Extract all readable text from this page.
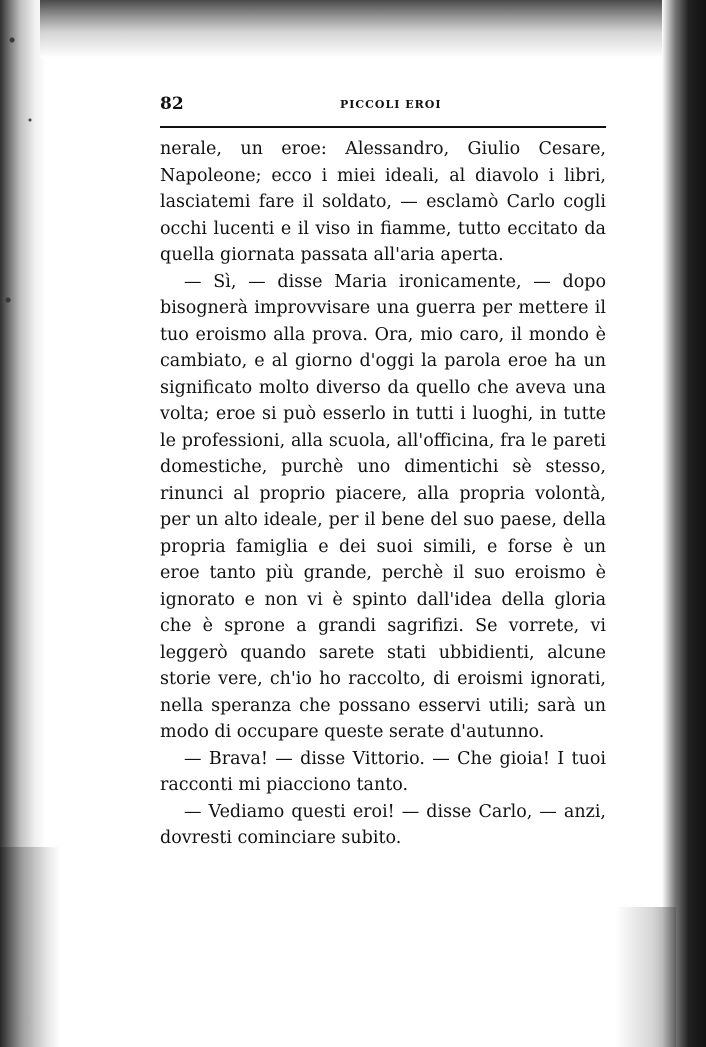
82	PICCOLI EROI

nerale, un eroe: Alessandro, Giulio Cesare, Napoleone; ecco i miei ideali, al diavolo i libri, lasciatemi fare il soldato, — esclamò Carlo cogli occhi lucenti e il viso in fiamme, tutto eccitato da quella giornata passata all'aria aperta.

— Sì, — disse Maria ironicamente, — dopo bisognerà improvvisare una guerra per mettere il tuo eroismo alla prova. Ora, mio caro, il mondo è cambiato, e al giorno d'oggi la parola eroe ha un significato molto diverso da quello che aveva una volta; eroe si può esserlo in tutti i luoghi, in tutte le professioni, alla scuola, all'officina, fra le pareti domestiche, purchè uno dimentichi sè stesso, rinunci al proprio piacere, alla propria volontà, per un alto ideale, per il bene del suo paese, della propria famiglia e dei suoi simili, e forse è un eroe tanto più grande, perchè il suo eroismo è ignorato e non vi è spinto dall'idea della gloria che è sprone a grandi sagrifizi. Se vorrete, vi leggerò quando sarete stati ubbidienti, alcune storie vere, ch'io ho raccolto, di eroismi ignorati, nella speranza che possano esservi utili; sarà un modo di occupare queste serate d'autunno.

— Brava! — disse Vittorio. — Che gioia! I tuoi racconti mi piacciono tanto.

— Vediamo questi eroi! — disse Carlo, — anzi, dovresti cominciare subito.
